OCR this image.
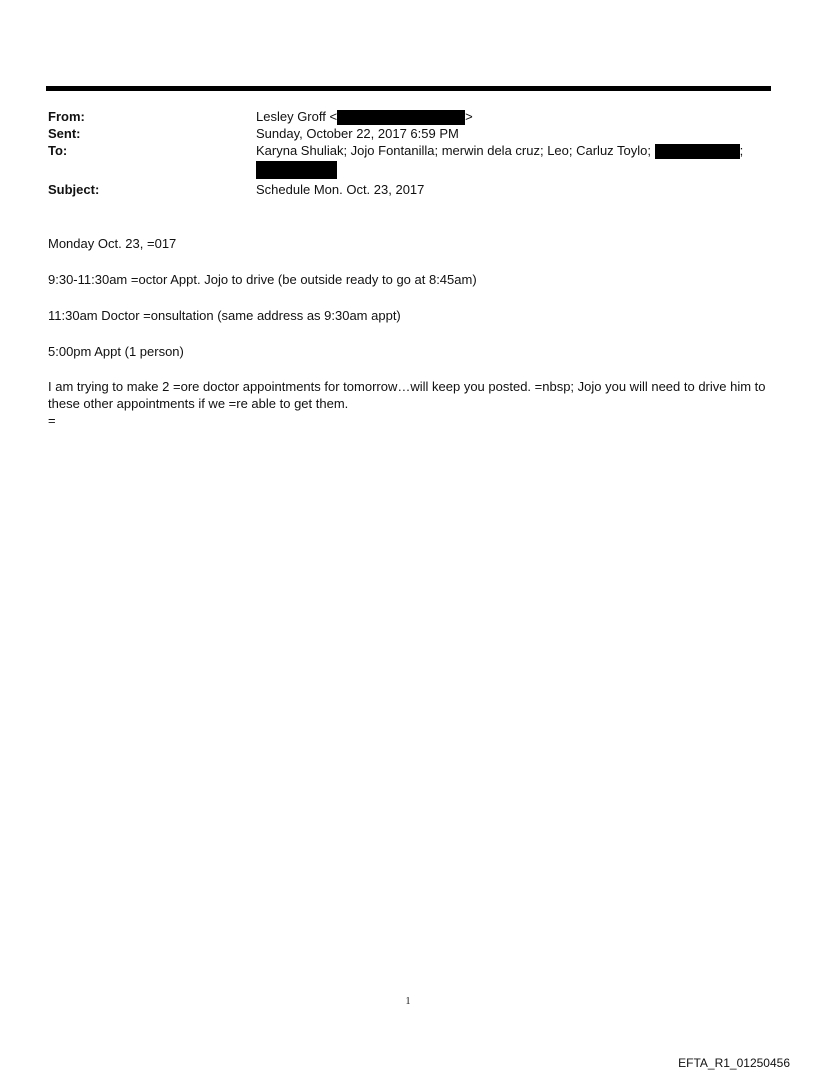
From:	Lesley Groff <	>
Sent:	Sunday, October 22, 2017 6:59 PM
To:	Karyna Shuliak; Jojo Fontanilla; merwin dela cruz; Leo; Carluz Toylo;	;
Subject:	Schedule Mon. Oct. 23, 2017

Monday Oct. 23, =017

9:30-11:30am =octor Appt. Jojo to drive (be outside ready to go at 8:45am)

11:30am Doctor =onsultation (same address as 9:30am appt)

5:00pm Appt (1 person)

I am trying to make 2 =ore doctor appointments for tomorrow…will keep you posted. =nbsp; Jojo you will need to drive him to these other appointments if we =re able to get them.

=

1
EFTA_R1_01250456
